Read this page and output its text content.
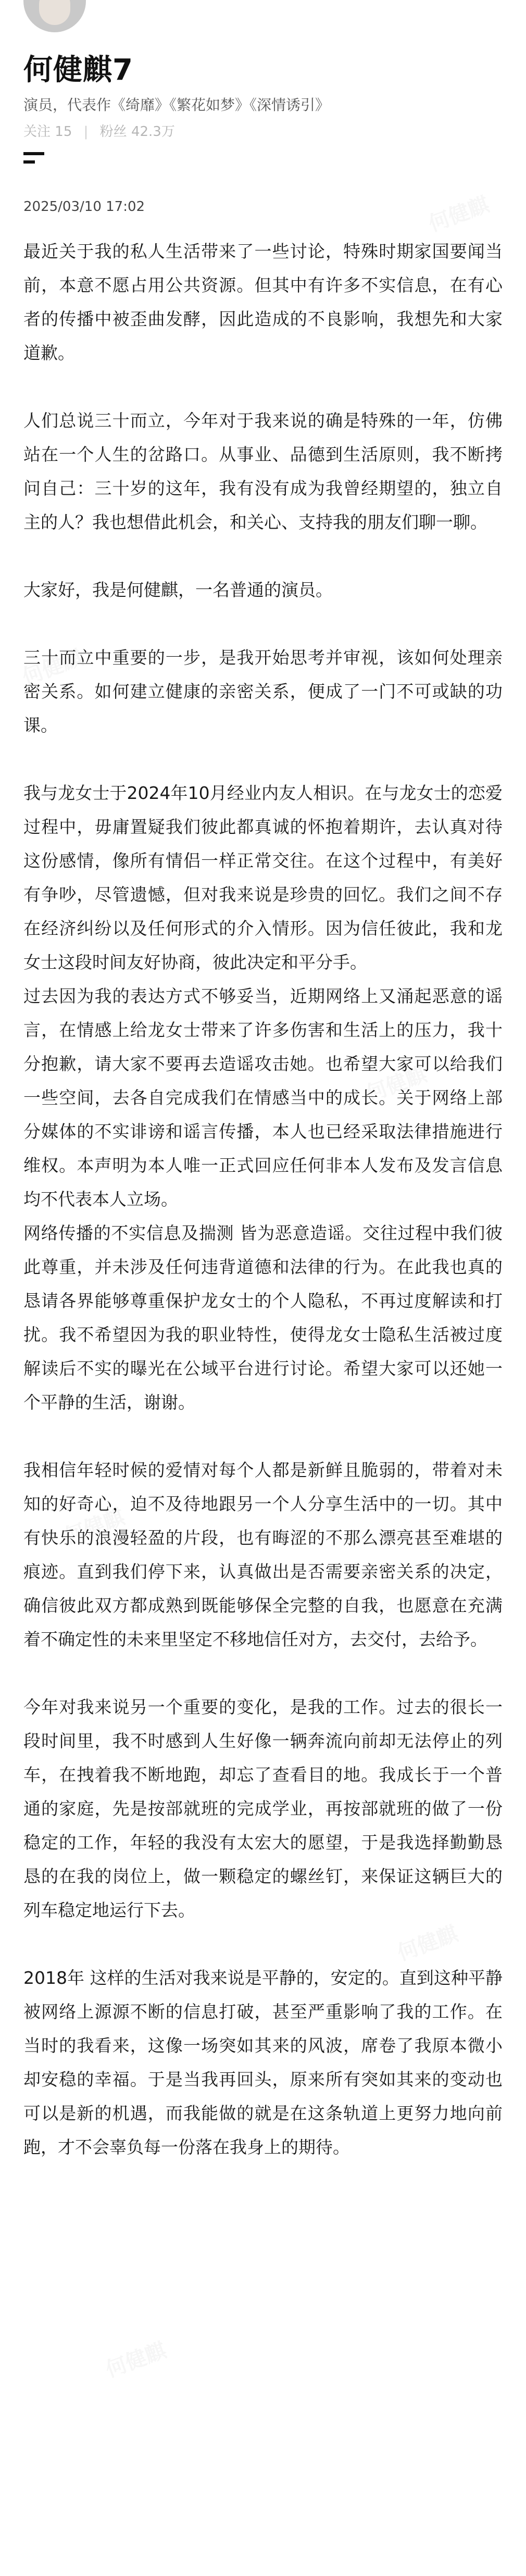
何健麒7
演员，代表作《绮靡》《繁花如梦》《深情诱引》
关注 15 | 粉丝 42.3万
2025/03/10 17:02

最近关于我的私人生活带来了一些讨论，特殊时期家国要闻当前，本意不愿占用公共资源。但其中有许多不实信息，在有心者的传播中被歪曲发酵，因此造成的不良影响，我想先和大家道歉。

人们总说三十而立，今年对于我来说的确是特殊的一年，仿佛站在一个人生的岔路口。从事业、品德到生活原则，我不断拷问自己：三十岁的这年，我有没有成为我曾经期望的，独立自主的人？我也想借此机会，和关心、支持我的朋友们聊一聊。

大家好，我是何健麒，一名普通的演员。

三十而立中重要的一步，是我开始思考并审视，该如何处理亲密关系。如何建立健康的亲密关系，便成了一门不可或缺的功课。

我与龙女士于2024年10月经业内友人相识。在与龙女士的恋爱过程中，毋庸置疑我们彼此都真诚的怀抱着期许，去认真对待这份感情，像所有情侣一样正常交往。在这个过程中，有美好有争吵，尽管遗憾，但对我来说是珍贵的回忆。我们之间不存在经济纠纷以及任何形式的介入情形。因为信任彼此，我和龙女士这段时间友好协商，彼此决定和平分手。

过去因为我的表达方式不够妥当，近期网络上又涌起恶意的谣言，在情感上给龙女士带来了许多伤害和生活上的压力，我十分抱歉，请大家不要再去造谣攻击她。也希望大家可以给我们一些空间，去各自完成我们在情感当中的成长。关于网络上部分媒体的不实诽谤和谣言传播，本人也已经采取法律措施进行维权。本声明为本人唯一正式回应任何非本人发布及发言信息均不代表本人立场。

网络传播的不实信息及揣测 皆为恶意造谣。交往过程中我们彼此尊重，并未涉及任何违背道德和法律的行为。在此我也真的恳请各界能够尊重保护龙女士的个人隐私，不再过度解读和打扰。我不希望因为我的职业特性，使得龙女士隐私生活被过度解读后不实的曝光在公域平台进行讨论。希望大家可以还她一个平静的生活，谢谢。

我相信年轻时候的爱情对每个人都是新鲜且脆弱的，带着对未知的好奇心，迫不及待地跟另一个人分享生活中的一切。其中有快乐的浪漫轻盈的片段，也有晦涩的不那么漂亮甚至难堪的痕迹。直到我们停下来，认真做出是否需要亲密关系的决定，确信彼此双方都成熟到既能够保全完整的自我，也愿意在充满着不确定性的未来里坚定不移地信任对方，去交付，去给予。

今年对我来说另一个重要的变化，是我的工作。过去的很长一段时间里，我不时感到人生好像一辆奔流向前却无法停止的列车，在拽着我不断地跑，却忘了查看目的地。我成长于一个普通的家庭，先是按部就班的完成学业，再按部就班的做了一份稳定的工作，年轻的我没有太宏大的愿望，于是我选择勤勤恳恳的在我的岗位上，做一颗稳定的螺丝钉，来保证这辆巨大的列车稳定地运行下去。

2018年 这样的生活对我来说是平静的，安定的。直到这种平静被网络上源源不断的信息打破，甚至严重影响了我的工作。在当时的我看来，这像一场突如其来的风波，席卷了我原本微小却安稳的幸福。于是当我再回头，原来所有突如其来的变动也可以是新的机遇，而我能做的就是在这条轨道上更努力地向前跑，才不会辜负每一份落在我身上的期待。
